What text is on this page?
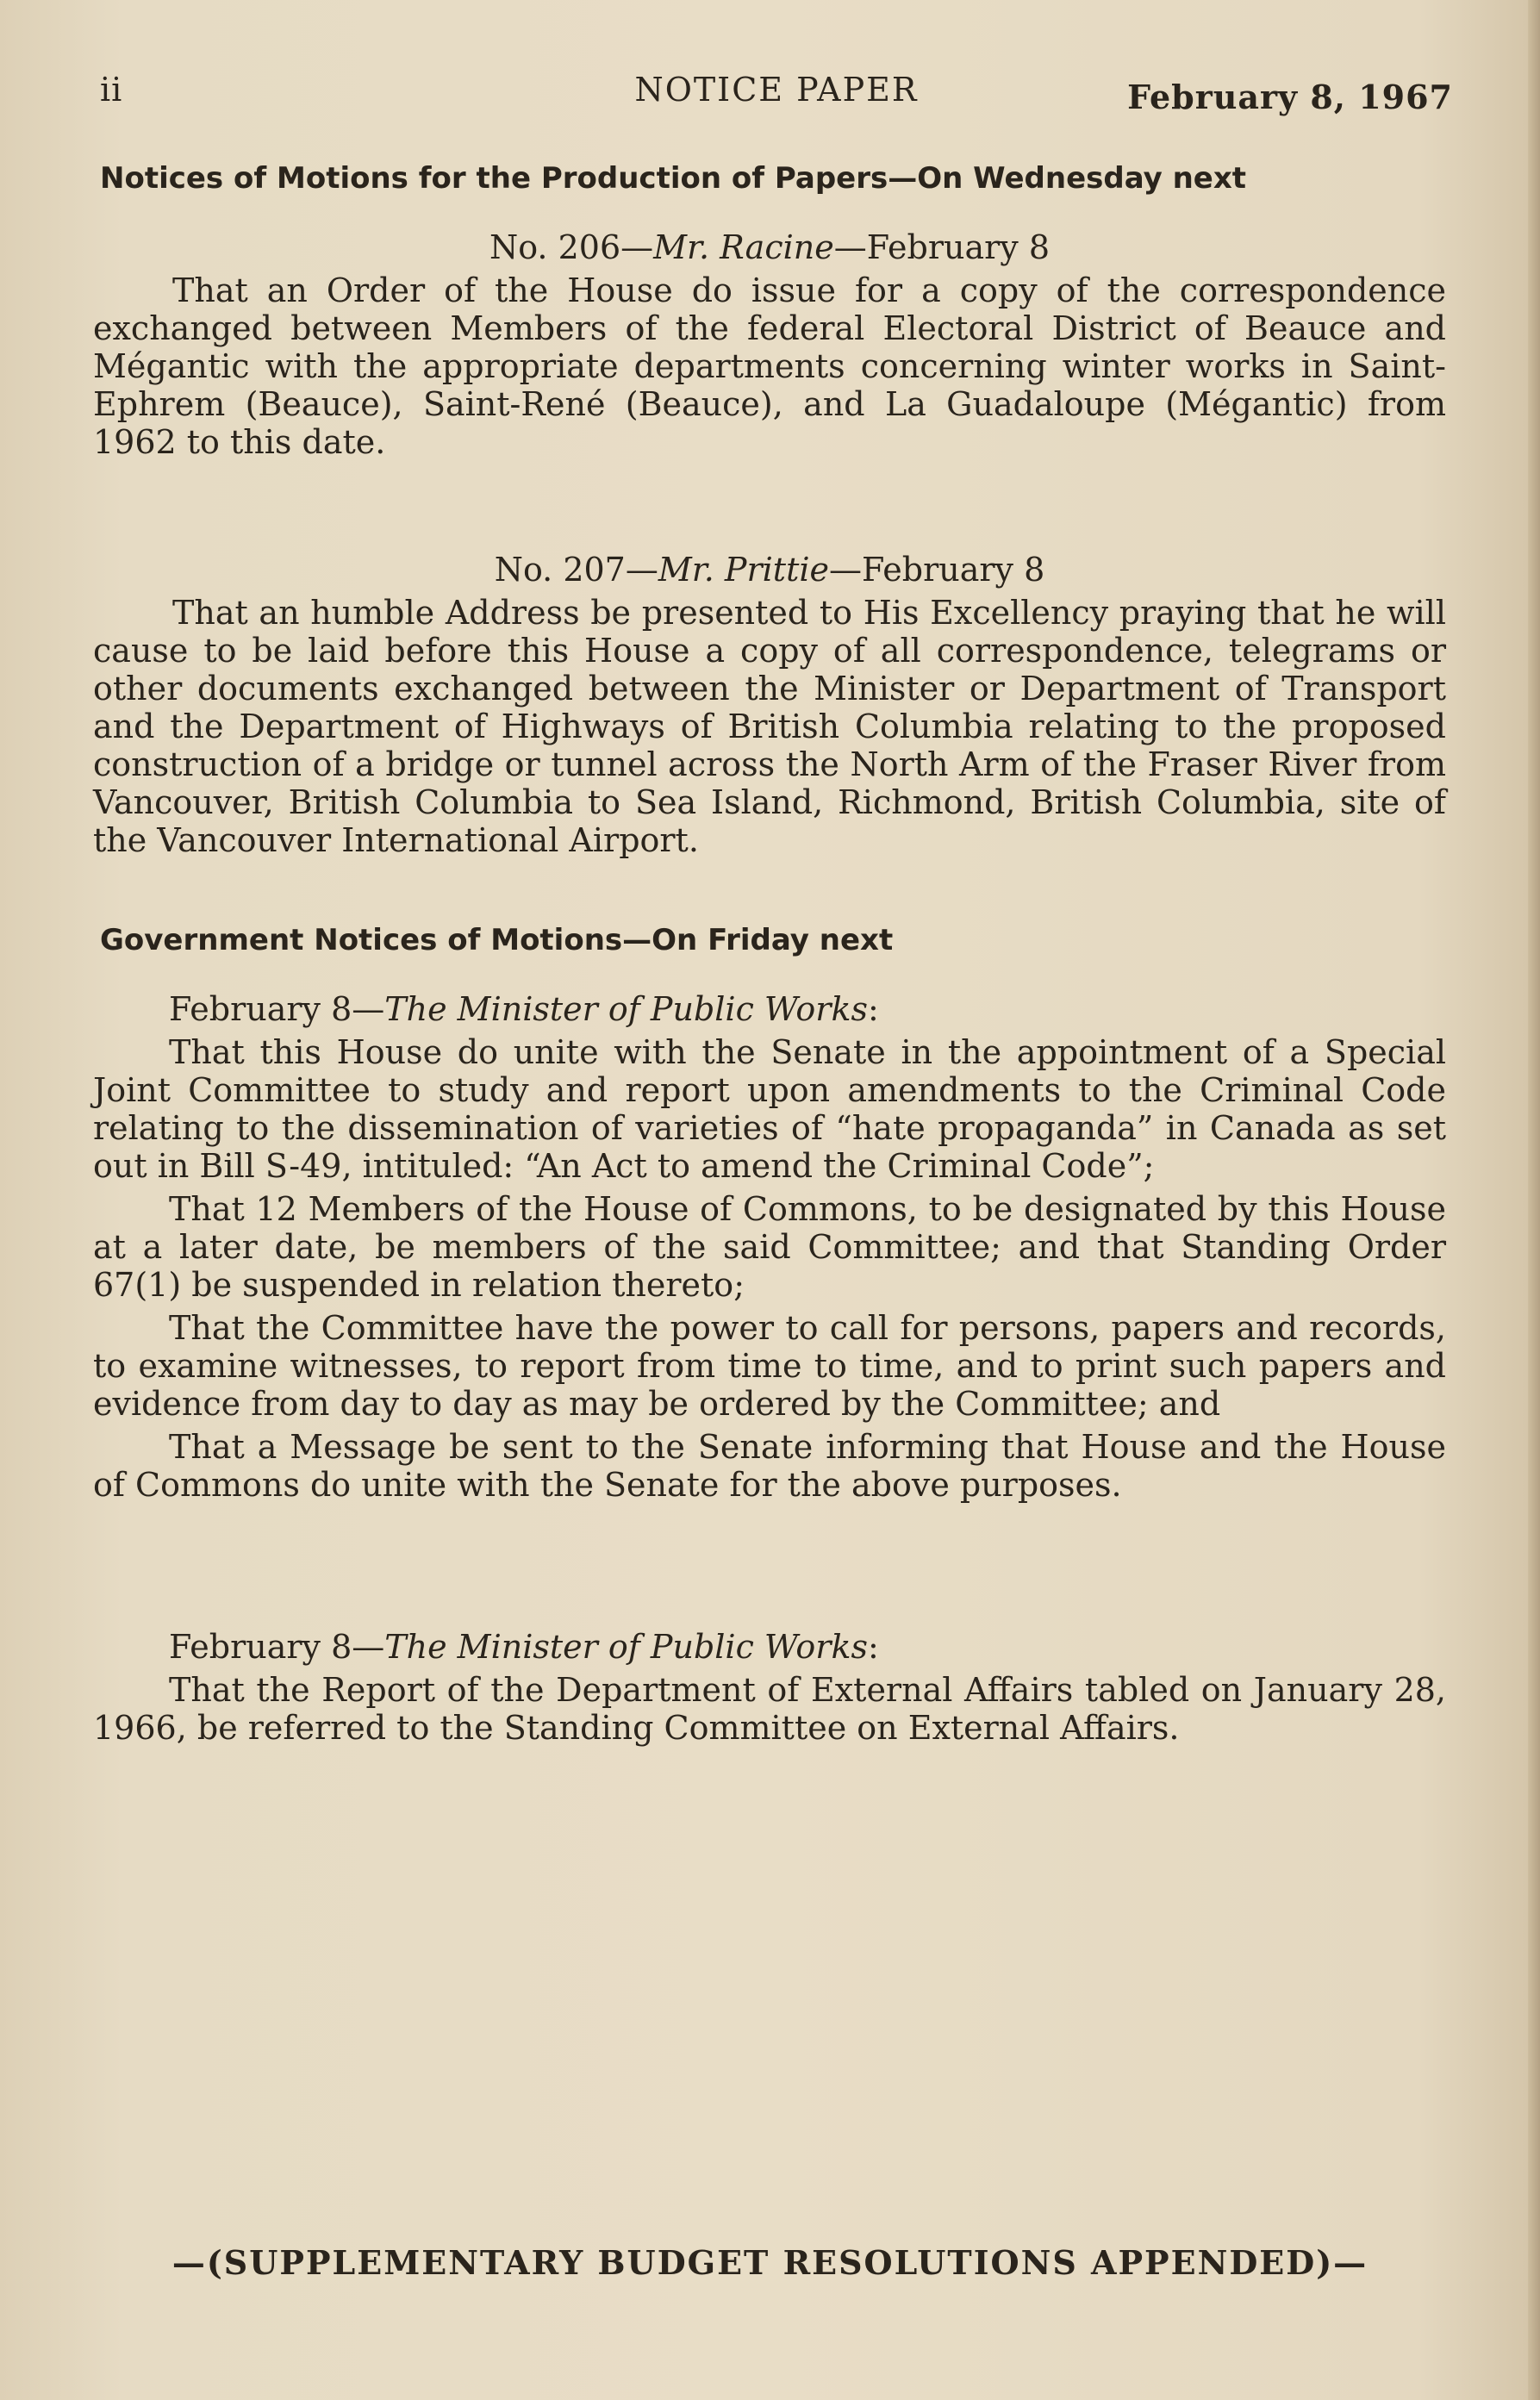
ii	NOTICE PAPER	February 8, 1967
Notices of Motions for the Production of Papers—On Wednesday next

No. 206—Mr. Racine—February 8

That an Order of the House do issue for a copy of the correspondence exchanged between Members of the federal Electoral District of Beauce and Mégantic with the appropriate departments concerning winter works in Saint-Ephrem (Beauce), Saint-René (Beauce), and La Guadaloupe (Mégantic) from 1962 to this date.

No. 207—Mr. Prittie—February 8

That an humble Address be presented to His Excellency praying that he will cause to be laid before this House a copy of all correspondence, telegrams or other documents exchanged between the Minister or Department of Transport and the Department of Highways of British Columbia relating to the proposed construction of a bridge or tunnel across the North Arm of the Fraser River from Vancouver, British Columbia to Sea Island, Richmond, British Columbia, site of the Vancouver International Airport.

Government Notices of Motions—On Friday next

February 8—The Minister of Public Works:

That this House do unite with the Senate in the appointment of a Special Joint Committee to study and report upon amendments to the Criminal Code relating to the dissemination of varieties of “hate propaganda” in Canada as set out in Bill S-49, intituled: “An Act to amend the Criminal Code”;

That 12 Members of the House of Commons, to be designated by this House at a later date, be members of the said Committee; and that Standing Order 67(1) be suspended in relation thereto;

That the Committee have the power to call for persons, papers and records, to examine witnesses, to report from time to time, and to print such papers and evidence from day to day as may be ordered by the Committee; and

That a Message be sent to the Senate informing that House and the House of Commons do unite with the Senate for the above purposes.

February 8—The Minister of Public Works:

That the Report of the Department of External Affairs tabled on January 28, 1966, be referred to the Standing Committee on External Affairs.

—(SUPPLEMENTARY BUDGET RESOLUTIONS APPENDED)—
